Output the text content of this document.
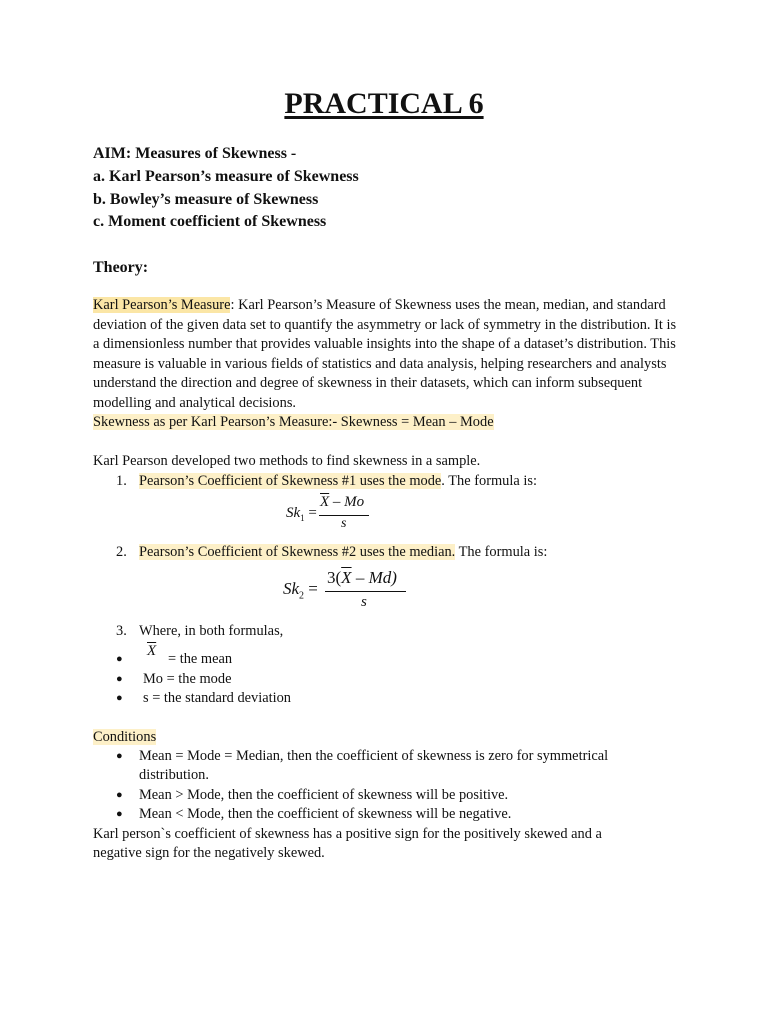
PRACTICAL 6
AIM: Measures of Skewness -
a. Karl Pearson’s measure of Skewness
b. Bowley’s measure of Skewness
c. Moment coefficient of Skewness
Theory:
Karl Pearson’s Measure: Karl Pearson’s Measure of Skewness uses the mean, median, and standard deviation of the given data set to quantify the asymmetry or lack of symmetry in the distribution. It is a dimensionless number that provides valuable insights into the shape of a dataset’s distribution. This measure is valuable in various fields of statistics and data analysis, helping researchers and analysts understand the direction and degree of skewness in their datasets, which can inform subsequent modelling and analytical decisions.
Skewness as per Karl Pearson’s Measure:- Skewness = Mean – Mode
Karl Pearson developed two methods to find skewness in a sample.
1. Pearson’s Coefficient of Skewness #1 uses the mode. The formula is:
$Sk_1$ =
$\overline{X}$ – Mo
s
2. Pearson’s Coefficient of Skewness #2 uses the median. The formula is:
$Sk_2$ =
$3(\overline{X} - Md)$
s
3. Where, in both formulas,
● $\overline{X}$ = the mean
● Mo = the mode
● s = the standard deviation
Conditions
● Mean = Mode = Median, then the coefficient of skewness is zero for symmetrical
distribution.
● Mean > Mode, then the coefficient of skewness will be positive.
● Mean < Mode, then the coefficient of skewness will be negative.
Karl person`s coefficient of skewness has a positive sign for the positively skewed and a
negative sign for the negatively skewed.
